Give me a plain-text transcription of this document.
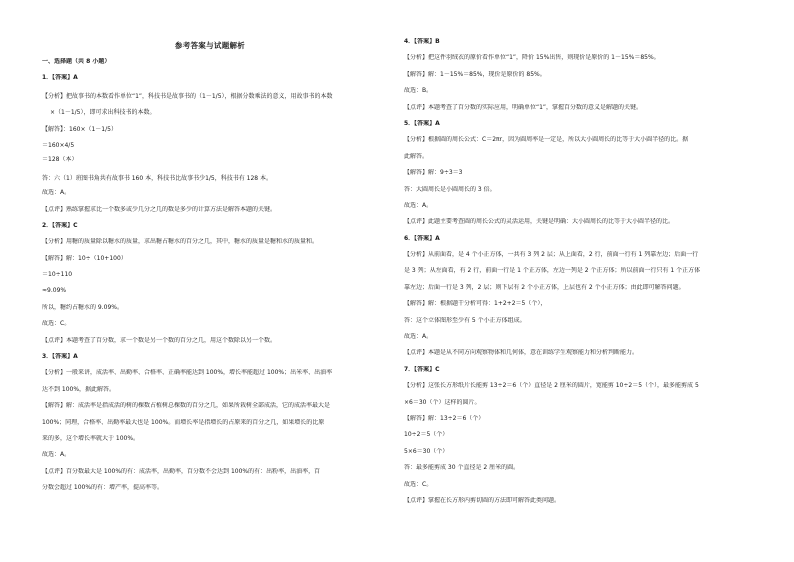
参考答案与试题解析
一、选择题（共 8 小题）
1．【答案】A
【分析】把故事书的本数看作单位“1”，科技书是故事书的（1－1/5），根据分数乘法的意义，用故事书的本数
×（1－1/5），即可求出科技书的本数。
【解答】：160×（1－1/5）
＝160×4/5
＝128（本）
答：六（1）班图书角共有故事书 160 本，科技书比故事书少1/5，科技书有 128 本。
故选：A。
【点评】熟练掌握求比一个数多或少几分之几的数是多少的计算方法是解答本题的关键。
2．【答案】C
【分析】用糖的质量除以糖水的质量，求出糖占糖水的百分之几，其中，糖水的质量是糖和水的质量和。
【解答】解：10÷（10+100）
＝10÷110
≈9.09%
所以，糖约占糖水的 9.09%。
故选：C。
【点评】本题考查了百分数，求一个数是另一个数的百分之几，用这个数除以另一个数。
3．【答案】A
【分析】一般来讲，成活率、出勤率、合格率、正确率能达到 100%，增长率能超过 100%；出米率、出油率
达不到 100%，据此解答。
【解答】解：成活率是指成活的树的棵数占植树总棵数的百分之几，如果所栽树全部成活，它的成活率最大是
100%；同理，合格率、出勤率最大也是 100%。而增长率是指增长的占原来的百分之几，如果增长的比原
来的多，这个增长率就大于 100%。
故选：A。
【点评】百分数最大是 100%的有：成活率，出勤率，百分数不会达到 100%的有：出粉率，出油率，百
分数会超过 100%的有：增产率，提高率等。
4．【答案】B
【分析】把这件羽绒衣的原价看作单位“1”，降价 15%出售，则现价是原价的 1－15%＝85%。
【解答】解：1－15%＝85%，现价是原价的 85%。
故选：B。
【点评】本题考查了百分数的实际应用，明确单位“1”，掌握百分数的意义是解题的关键。
5．【答案】A
【分析】根据圆的周长公式：C＝2πr，因为圆周率是一定是，所以大小圆周长的比等于大小圆半径的比。据
此解答。
【解答】解：9÷3＝3
答：大圆周长是小圆周长的 3 倍。
故选：A。
【点评】此题主要考查圆的周长公式的灵活运用，关键是明确：大小圆周长的比等于大小圆半径的比。
6．【答案】A
【分析】从前面看，是 4 个小正方体，一共有 3 列 2 层；从上面看，2 行，前面一行有 1 列靠左边；后面一行
是 3 列；从左面看，有 2 行，前面一行是 1 个正方体，左边一列是 2 个正方体；所以前面一行只有 1 个正方体
靠左边；后面一行是 3 列，2 层；则下层有 2 个小正方体，上层也有 2 个小正方体；由此即可解答问题。
【解答】解：根据题干分析可得：1+2+2＝5（个），
答：这个立体图形至少有 5 个小正方体组成。
故选：A。
【点评】本题是从不同方向观察物体和几何体，意在训练学生观察能力和分析判断能力。
7．【答案】C
【分析】这张长方形纸片长能剪 13÷2＝6（个）直径是 2 厘米的圆片，宽能剪 10÷2＝5（个），最多能剪成 5
×6＝30（个）这样的圆片。
【解答】解：13÷2＝6（个）
10÷2＝5（个）
5×6＝30（个）
答：最多能剪成 30 个直径是 2 厘米的圆。
故选：C。
【点评】掌握在长方形内剪切圆的方法即可解答此类问题。
